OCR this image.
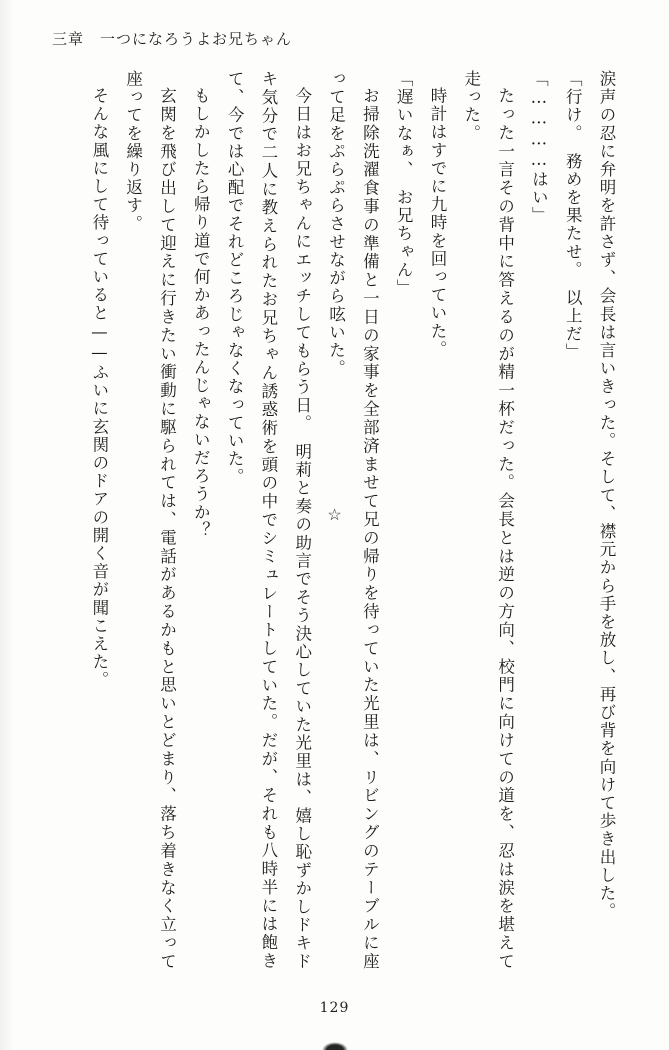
三章　一つになろうよお兄ちゃん

涙声の忍に弁明を許さず、会長は言いきった。そして、襟元から手を放し、再び背を向けて歩き出した。

「行け。　務めを果たせ。　以上だ」

「…………はい」

たった一言その背中に答えるのが精一杯だった。会長とは逆の方向、校門に向けての道を、忍は涙を堪えて走った。

時計はすでに九時を回っていた。

「遅いなぁ、　お兄ちゃん」

お掃除洗濯食事の準備と一日の家事を全部済ませて兄の帰りを待っていた光里は、リビングのテーブルに座って足をぷらぷらさせながら呟いた。

今日はお兄ちゃんにエッチしてもらう日。　明莉と奏の助言でそう決心していた光里は、嬉し恥ずかしドキドキ気分で二人に教えられたお兄ちゃん誘惑術を頭の中でシミュレートしていた。だが、それも八時半には飽きて、今では心配でそれどころじゃなくなっていた。

もしかしたら帰り道で何かあったんじゃないだろうか？

玄関を飛び出して迎えに行きたい衝動に駆られては、電話があるかもと思いとどまり、落ち着きなく立って座ってを繰り返す。

そんな風にして待っていると——ふいに玄関のドアの開く音が聞こえた。	☆
129
